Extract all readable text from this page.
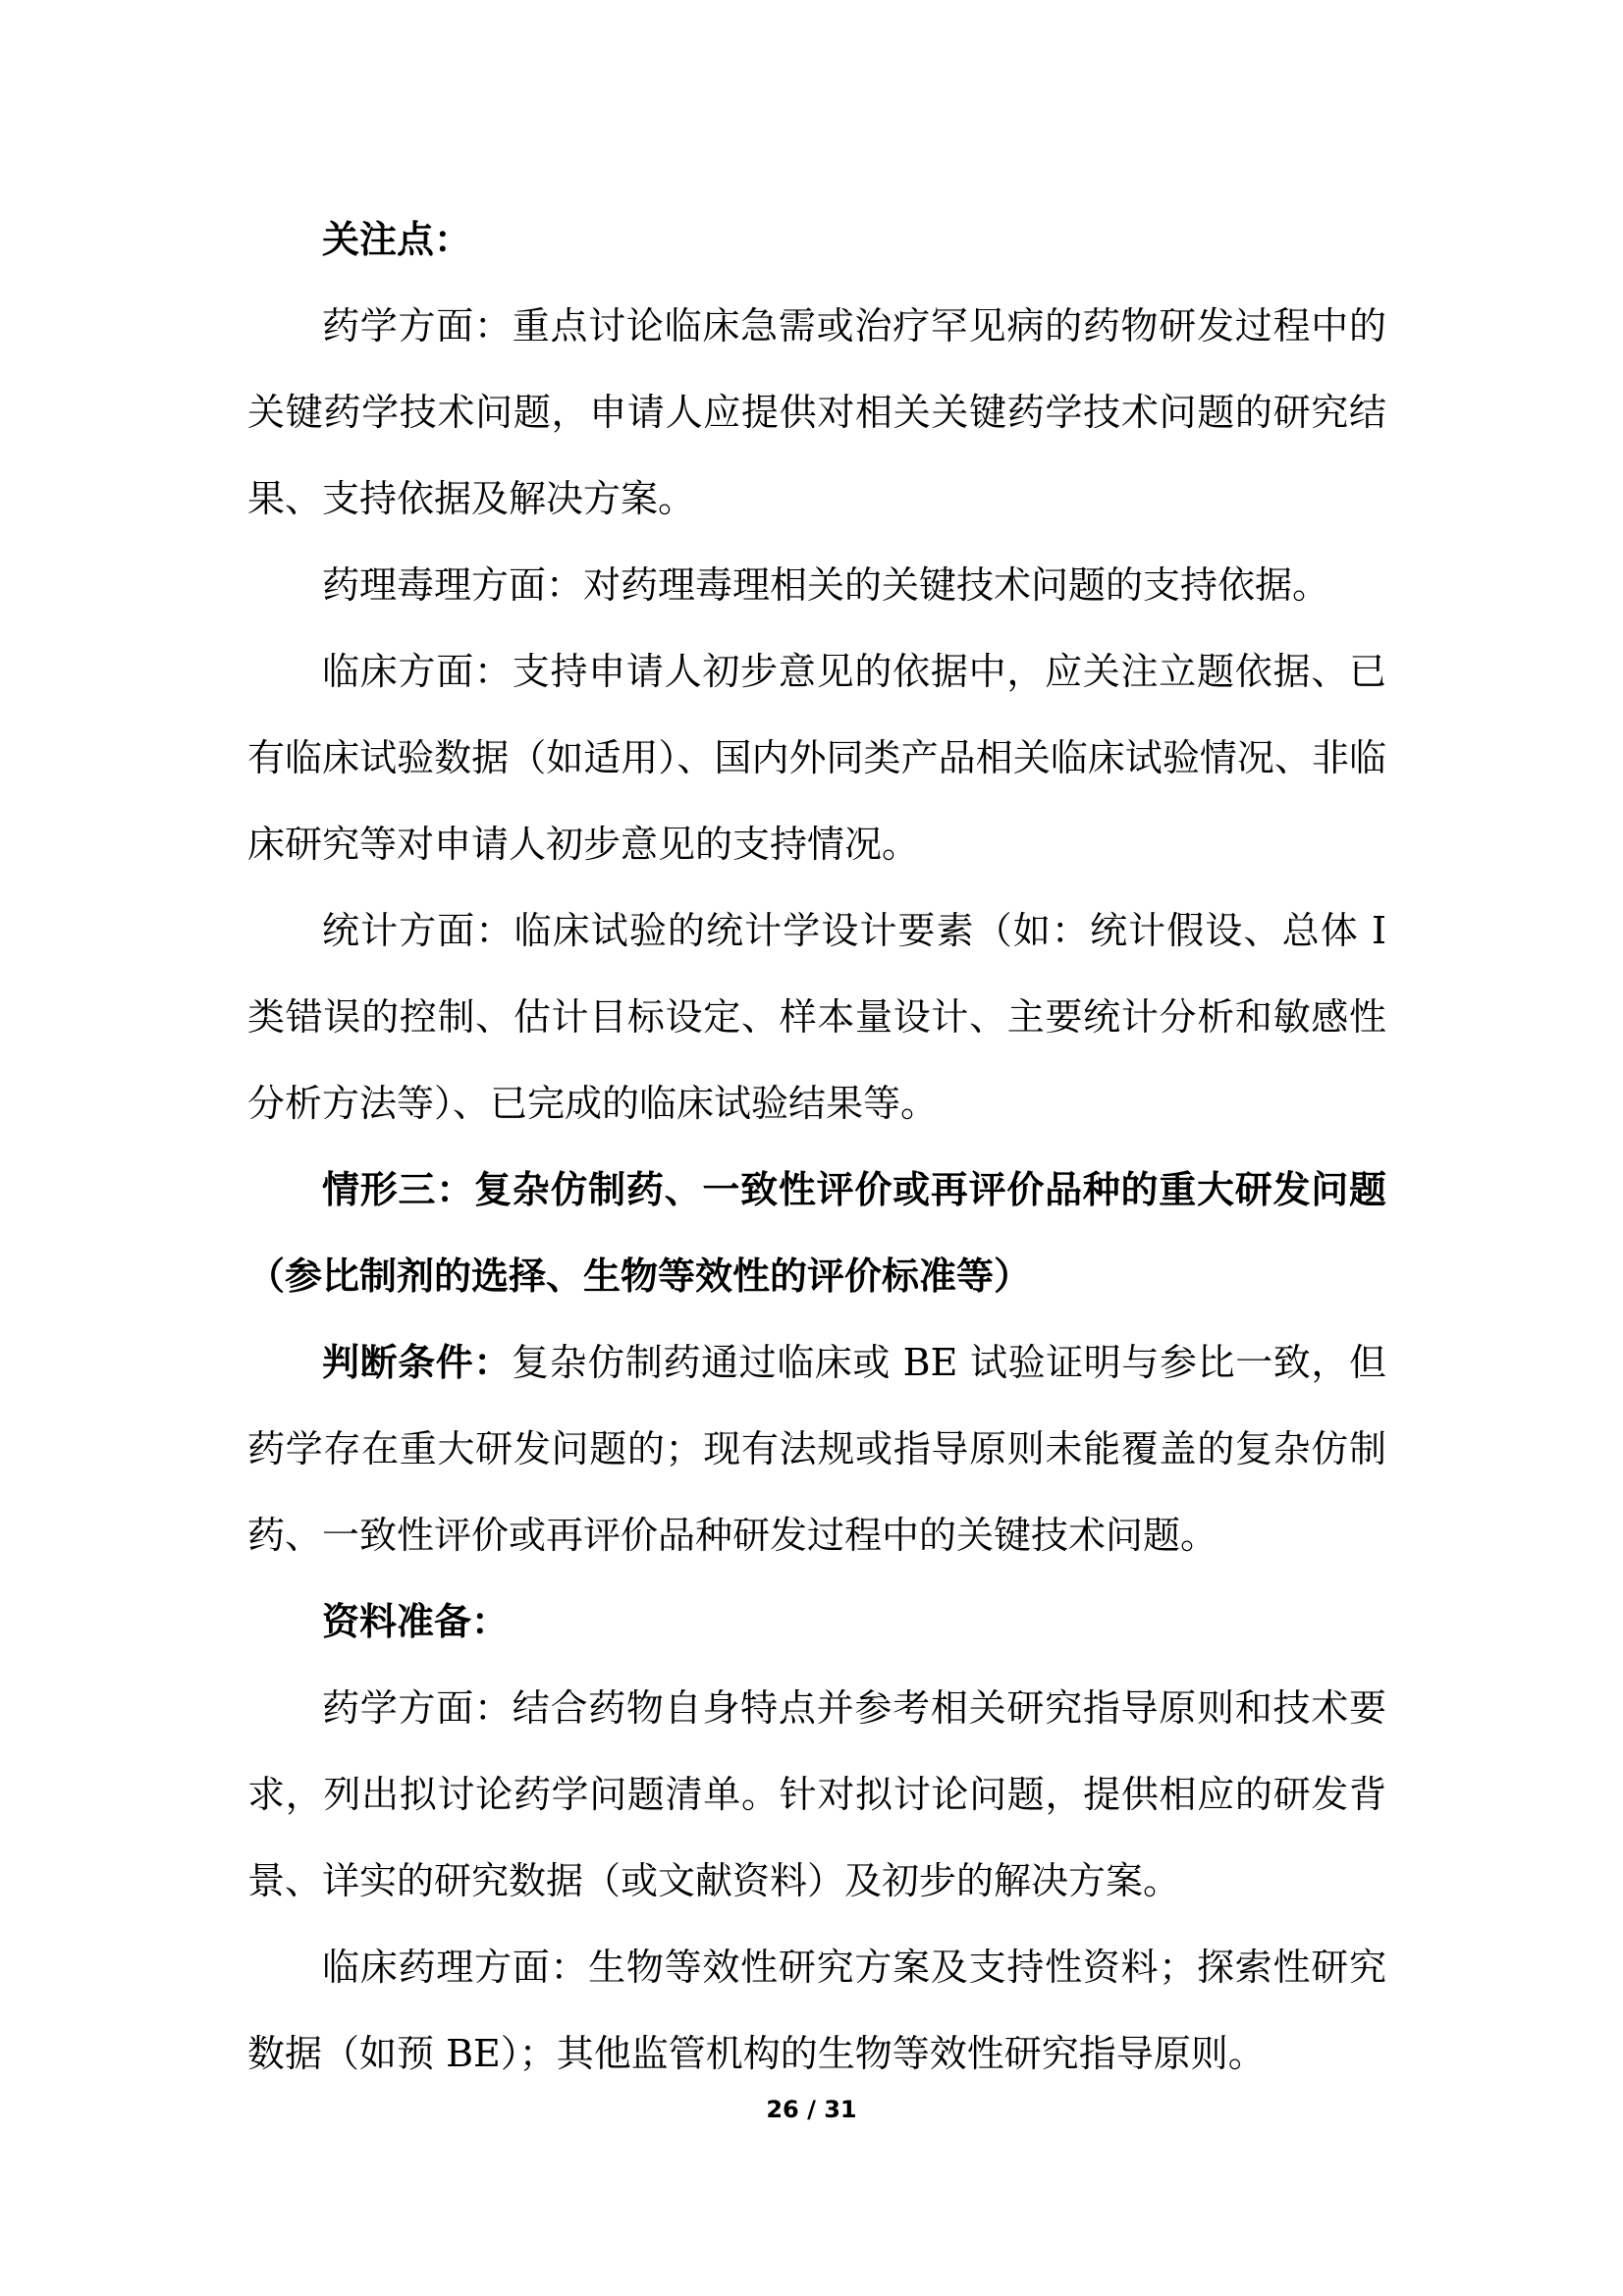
关注点：

药学方面：重点讨论临床急需或治疗罕见病的药物研发过程中的关键药学技术问题，申请人应提供对相关关键药学技术问题的研究结果、支持依据及解决方案。

药理毒理方面：对药理毒理相关的关键技术问题的支持依据。

临床方面：支持申请人初步意见的依据中，应关注立题依据、已有临床试验数据（如适用）、国内外同类产品相关临床试验情况、非临床研究等对申请人初步意见的支持情况。

统计方面：临床试验的统计学设计要素（如：统计假设、总体 I 类错误的控制、估计目标设定、样本量设计、主要统计分析和敏感性分析方法等）、已完成的临床试验结果等。

情形三：复杂仿制药、一致性评价或再评价品种的重大研发问题（参比制剂的选择、生物等效性的评价标准等）

判断条件：复杂仿制药通过临床或 BE 试验证明与参比一致，但药学存在重大研发问题的；现有法规或指导原则未能覆盖的复杂仿制药、一致性评价或再评价品种研发过程中的关键技术问题。

资料准备：

药学方面：结合药物自身特点并参考相关研究指导原则和技术要求，列出拟讨论药学问题清单。针对拟讨论问题，提供相应的研发背景、详实的研究数据（或文献资料）及初步的解决方案。

临床药理方面：生物等效性研究方案及支持性资料；探索性研究数据（如预 BE）；其他监管机构的生物等效性研究指导原则。

26 / 31
